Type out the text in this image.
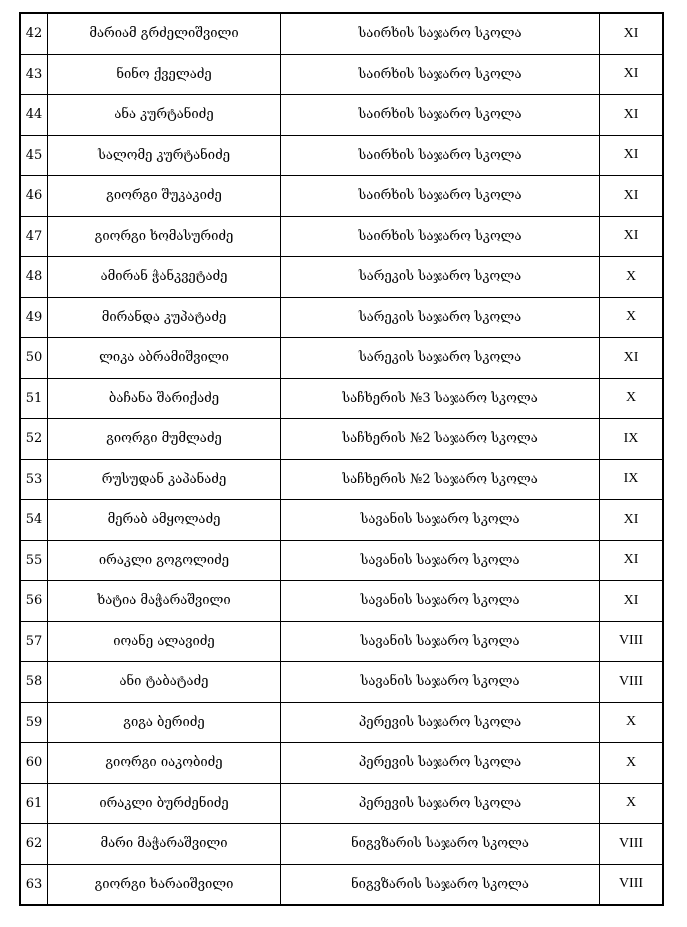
42	მარიამ გრძელიშვილი	საირხის საჯარო სკოლა	XI
43	ნინო ქველაძე	საირხის საჯარო სკოლა	XI
44	ანა კურტანიძე	საირხის საჯარო სკოლა	XI
45	სალომე კურტანიძე	საირხის საჯარო სკოლა	XI
46	გიორგი შუკაკიძე	საირხის საჯარო სკოლა	XI
47	გიორგი ხომასურიძე	საირხის საჯარო სკოლა	XI
48	ამირან ჭანკვეტაძე	სარეკის საჯარო სკოლა	X
49	მირანდა კუპატაძე	სარეკის საჯარო სკოლა	X
50	ლიკა აბრამიშვილი	სარეკის საჯარო სკოლა	XI
51	ბაჩანა შარიქაძე	საჩხერის №3 საჯარო სკოლა	X
52	გიორგი მუმლაძე	საჩხერის №2 საჯარო სკოლა	IX
53	რუსუდან კაპანაძე	საჩხერის №2 საჯარო სკოლა	IX
54	მერაბ ამყოლაძე	სავანის საჯარო სკოლა	XI
55	ირაკლი გოგოლიძე	სავანის საჯარო სკოლა	XI
56	ხატია მაჭარაშვილი	სავანის საჯარო სკოლა	XI
57	იოანე ალავიძე	სავანის საჯარო სკოლა	VIII
58	ანი ტაბატაძე	სავანის საჯარო სკოლა	VIII
59	გიგა ბერიძე	პერევის საჯარო სკოლა	X
60	გიორგი იაკობიძე	პერევის საჯარო სკოლა	X
61	ირაკლი ბურძენიძე	პერევის საჯარო სკოლა	X
62	მარი მაჭარაშვილი	ნიგვზარის საჯარო სკოლა	VIII
63	გიორგი ხარაიშვილი	ნიგვზარის საჯარო სკოლა	VIII
